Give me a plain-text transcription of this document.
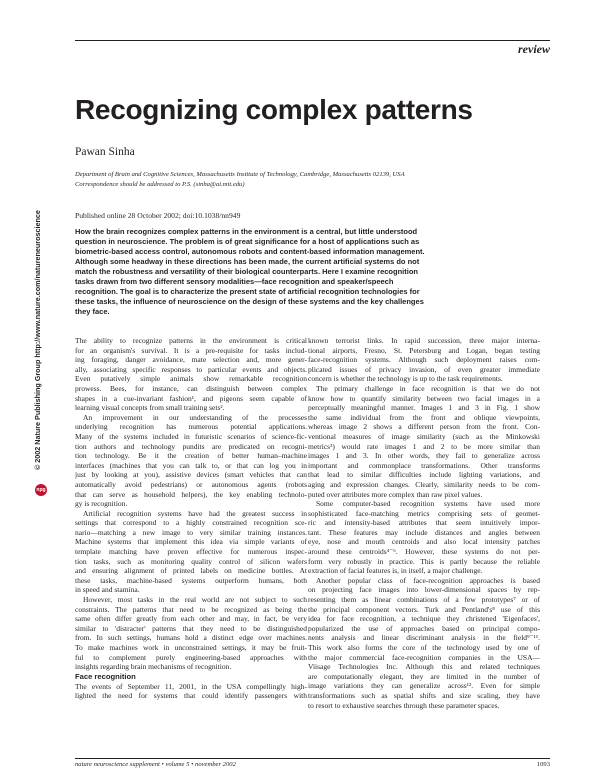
review
Recognizing complex patterns
Pawan Sinha
Department of Brain and Cognitive Sciences, Massachusetts Institute of Technology, Cambridge, Massachusetts 02139, USA
Correspondence should be addressed to P.S. (sinha@ai.mit.edu)
Published online 28 October 2002; doi:10.1038/nn949
How the brain recognizes complex patterns in the environment is a central, but little understood
question in neuroscience. The problem is of great significance for a host of applications such as
biometric-based access control, autonomous robots and content-based information management.
Although some headway in these directions has been made, the current artificial systems do not
match the robustness and versatility of their biological counterparts. Here I examine recognition
tasks drawn from two different sensory modalities—face recognition and speaker/speech
recognition. The goal is to characterize the present state of artificial recognition technologies for
these tasks, the influence of neuroscience on the design of these systems and the key challenges
they face.
The ability to recognize patterns in the environment is critical
for an organism's survival. It is a pre-requisite for tasks includ-
ing foraging, danger avoidance, mate selection and, more gener-
ally, associating specific responses to particular events and objects.
Even putatively simple animals show remarkable recognition
prowess. Bees, for instance, can distinguish between complex
shapes in a cue-invariant fashion¹, and pigeons seem capable of
learning visual concepts from small training sets².
An improvement in our understanding of the processes
underlying recognition has numerous potential applications.
Many of the systems included in futuristic scenarios of science-fic-
tion authors and technology pundits are predicated on recogni-
tion technology. Be it the creation of better human–machine
interfaces (machines that you can talk to, or that can log you in
just by looking at you), assistive devices (smart vehicles that can
automatically avoid pedestrians) or autonomous agents (robots
that can serve as household helpers), the key enabling technolo-
gy is recognition.
Artificial recognition systems have had the greatest success in
settings that correspond to a highly constrained recognition sce-
nario—matching a new image to very similar training instances.
Machine systems that implement this idea via simple variants of
template matching have proven effective for numerous inspec-
tion tasks, such as monitoring quality control of silicon wafers
and ensuring alignment of printed labels on medicine bottles. At
these tasks, machine-based systems outperform humans, both
in speed and stamina.
However, most tasks in the real world are not subject to such
constraints. The patterns that need to be recognized as being the
same often differ greatly from each other and may, in fact, be very
similar to 'distracter' patterns that they need to be distinguished
from. In such settings, humans hold a distinct edge over machines.
To make machines work in unconstrained settings, it may be fruit-
ful to complement purely engineering-based approaches with
insights regarding brain mechanisms of recognition.
Face recognition
The events of September 11, 2001, in the USA compellingly high-
lighted the need for systems that could identify passengers with
known terrorist links. In rapid succession, three major interna-
tional airports, Fresno, St. Petersburg and Logan, began testing
face-recognition systems. Although such deployment raises com-
plicated issues of privacy invasion, of even greater immediate
concern is whether the technology is up to the task requirements.
The primary challenge in face recognition is that we do not
know how to quantify similarity between two facial images in a
perceptually meaningful manner. Images 1 and 3 in Fig. 1 show
the same individual from the front and oblique viewpoints,
whereas image 2 shows a different person from the front. Con-
ventional measures of image similarity (such as the Minkowski
metrics³) would rate images 1 and 2 to be more similar than
images 1 and 3. In other words, they fail to generalize across
important and commonplace transformations. Other transforms
that lead to similar difficulties include lighting variations, and
aging and expression changes. Clearly, similarity needs to be com-
puted over attributes more complex than raw pixel values.
Some computer-based recognition systems have used more
sophisticated face-matching metrics comprising sets of geomet-
ric and intensity-based attributes that seem intuitively impor-
tant. These features may include distances and angles between
eye, nose and mouth centroids and also local intensity patches
around these centroids⁴⁻⁶. However, these systems do not per-
form very robustly in practice. This is partly because the reliable
extraction of facial features is, in itself, a major challenge.
Another popular class of face-recognition approaches is based
on projecting face images into lower-dimensional spaces by rep-
resenting them as linear combinations of a few prototypes⁷ or of
the principal component vectors. Turk and Pentland's⁸ use of this
idea for face recognition, a technique they christened 'Eigenfaces',
popularized the use of approaches based on principal compo-
nents analysis and linear discriminant analysis in the field⁹⁻¹¹.
This work also forms the core of the technology used by one of
the major commercial face-recognition companies in the USA—
Viisage Technologies Inc. Although this and related techniques
are computationally elegant, they are limited in the number of
image variations they can generalize across¹². Even for simple
transformations such as spatial shifts and size scaling, they have
to resort to exhaustive searches through these parameter spaces.
© 2002 Nature Publishing Group http://www.nature.com/natureneuroscience
npg
nature neuroscience supplement • volume 5 • november 2002	1093
